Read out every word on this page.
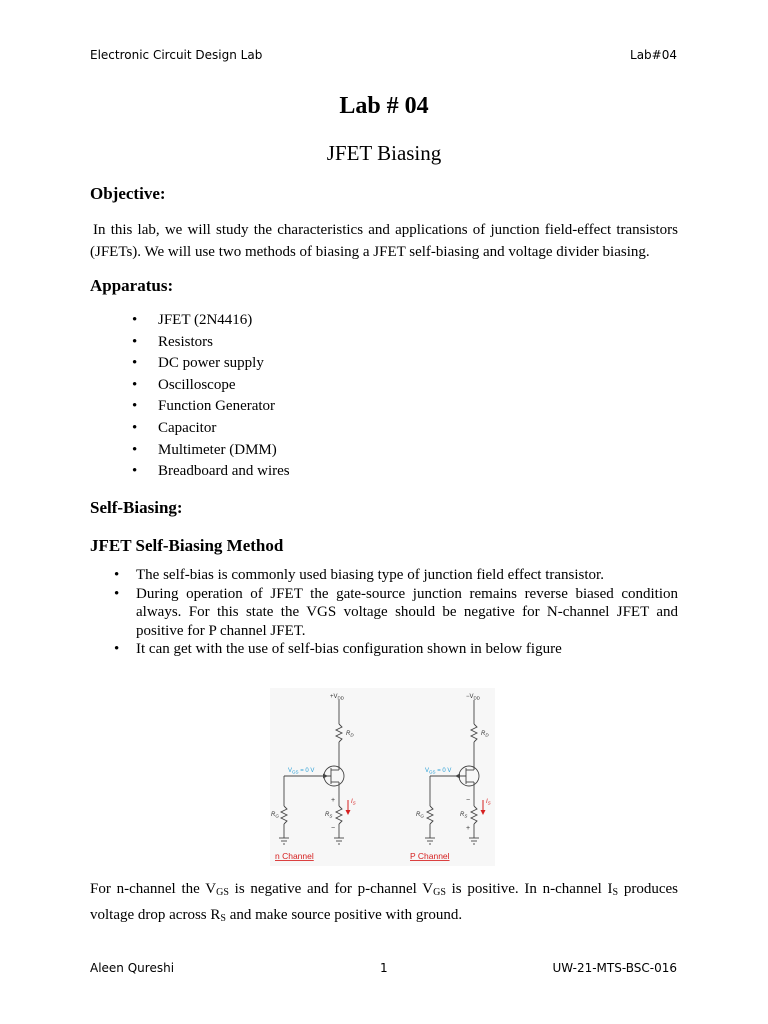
Electronic Circuit Design Lab	Lab#04
Lab # 04
JFET Biasing
Objective:
In this lab, we will study the characteristics and applications of junction field-effect transistors (JFETs). We will use two methods of biasing a JFET self-biasing and voltage divider biasing.
Apparatus:
• JFET (2N4416)
• Resistors
• DC power supply
• Oscilloscope
• Function Generator
• Capacitor
• Multimeter (DMM)
• Breadboard and wires
Self-Biasing:
JFET Self-Biasing Method
• The self-bias is commonly used biasing type of junction field effect transistor.
• During operation of JFET the gate-source junction remains reverse biased condition always. For this state the VGS voltage should be negative for N-channel JFET and positive for P channel JFET.
• It can get with the use of self-bias configuration shown in below figure
$+V_{DD}$
$R_D$
$V_{GS} = 0$ V
$R_G$	$R_S$
$I_S$
+
−
n Channel
$-V_{DD}$
$R_D$
$V_{GS} = 0$ V
$R_G$	$R_S$
$I_S$
−
+
P Channel
For n-channel the $V_{GS}$ is negative and for p-channel $V_{GS}$ is positive. In n-channel $I_S$ produces voltage drop across $R_S$ and make source positive with ground.
Aleen Qureshi	1	UW-21-MTS-BSC-016
